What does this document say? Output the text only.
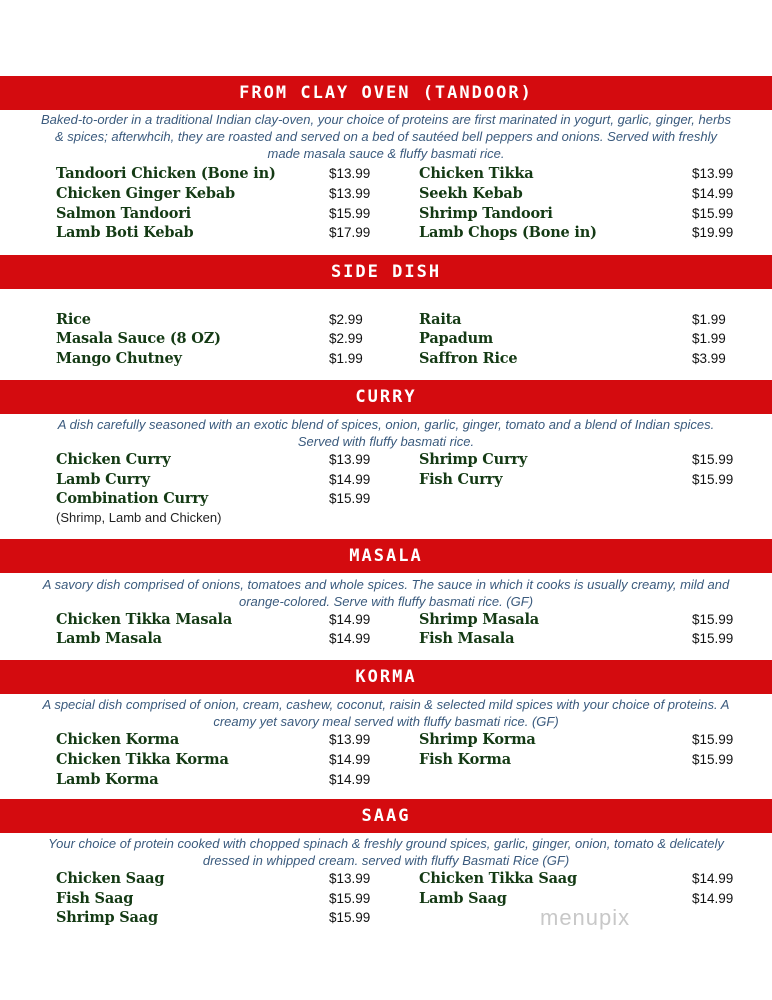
FROM CLAY OVEN (TANDOOR)
Baked-to-order in a traditional Indian clay-oven, your choice of proteins are first marinated in yogurt, garlic, ginger, herbs & spices; afterwhcih, they are roasted and served on a bed of sautéed bell peppers and onions. Served with freshly made masala sauce & fluffy basmati rice.
Tandoori Chicken (Bone in)	$13.99
Chicken Ginger Kebab	$13.99
Salmon Tandoori	$15.99
Lamb Boti Kebab	$17.99
Chicken Tikka	$13.99
Seekh Kebab	$14.99
Shrimp Tandoori	$15.99
Lamb Chops (Bone in)	$19.99
SIDE DISH
Rice	$2.99
Masala Sauce (8 OZ)	$2.99
Mango Chutney	$1.99
Raita	$1.99
Papadum	$1.99
Saffron Rice	$3.99
CURRY
A dish carefully seasoned with an exotic blend of spices, onion, garlic, ginger, tomato and a blend of Indian spices. Served with fluffy basmati rice.
Chicken Curry	$13.99
Lamb Curry	$14.99
Combination Curry	$15.99
(Shrimp, Lamb and Chicken)
Shrimp Curry	$15.99
Fish Curry	$15.99
MASALA
A savory dish comprised of onions, tomatoes and whole spices. The sauce in which it cooks is usually creamy, mild and orange-colored. Serve with fluffy basmati rice. (GF)
Chicken Tikka Masala	$14.99
Lamb Masala	$14.99
Shrimp Masala	$15.99
Fish Masala	$15.99
KORMA
A special dish comprised of onion, cream, cashew, coconut, raisin & selected mild spices with your choice of proteins. A creamy yet savory meal served with fluffy basmati rice. (GF)
Chicken Korma	$13.99
Chicken Tikka Korma	$14.99
Lamb Korma	$14.99
Shrimp Korma	$15.99
Fish Korma	$15.99
SAAG
Your choice of protein cooked with chopped spinach & freshly ground spices, garlic, ginger, onion, tomato & delicately dressed in whipped cream. served with fluffy Basmati Rice (GF)
Chicken Saag	$13.99
Fish Saag	$15.99
Shrimp Saag	$15.99
Chicken Tikka Saag	$14.99
Lamb Saag	$14.99
menupix
